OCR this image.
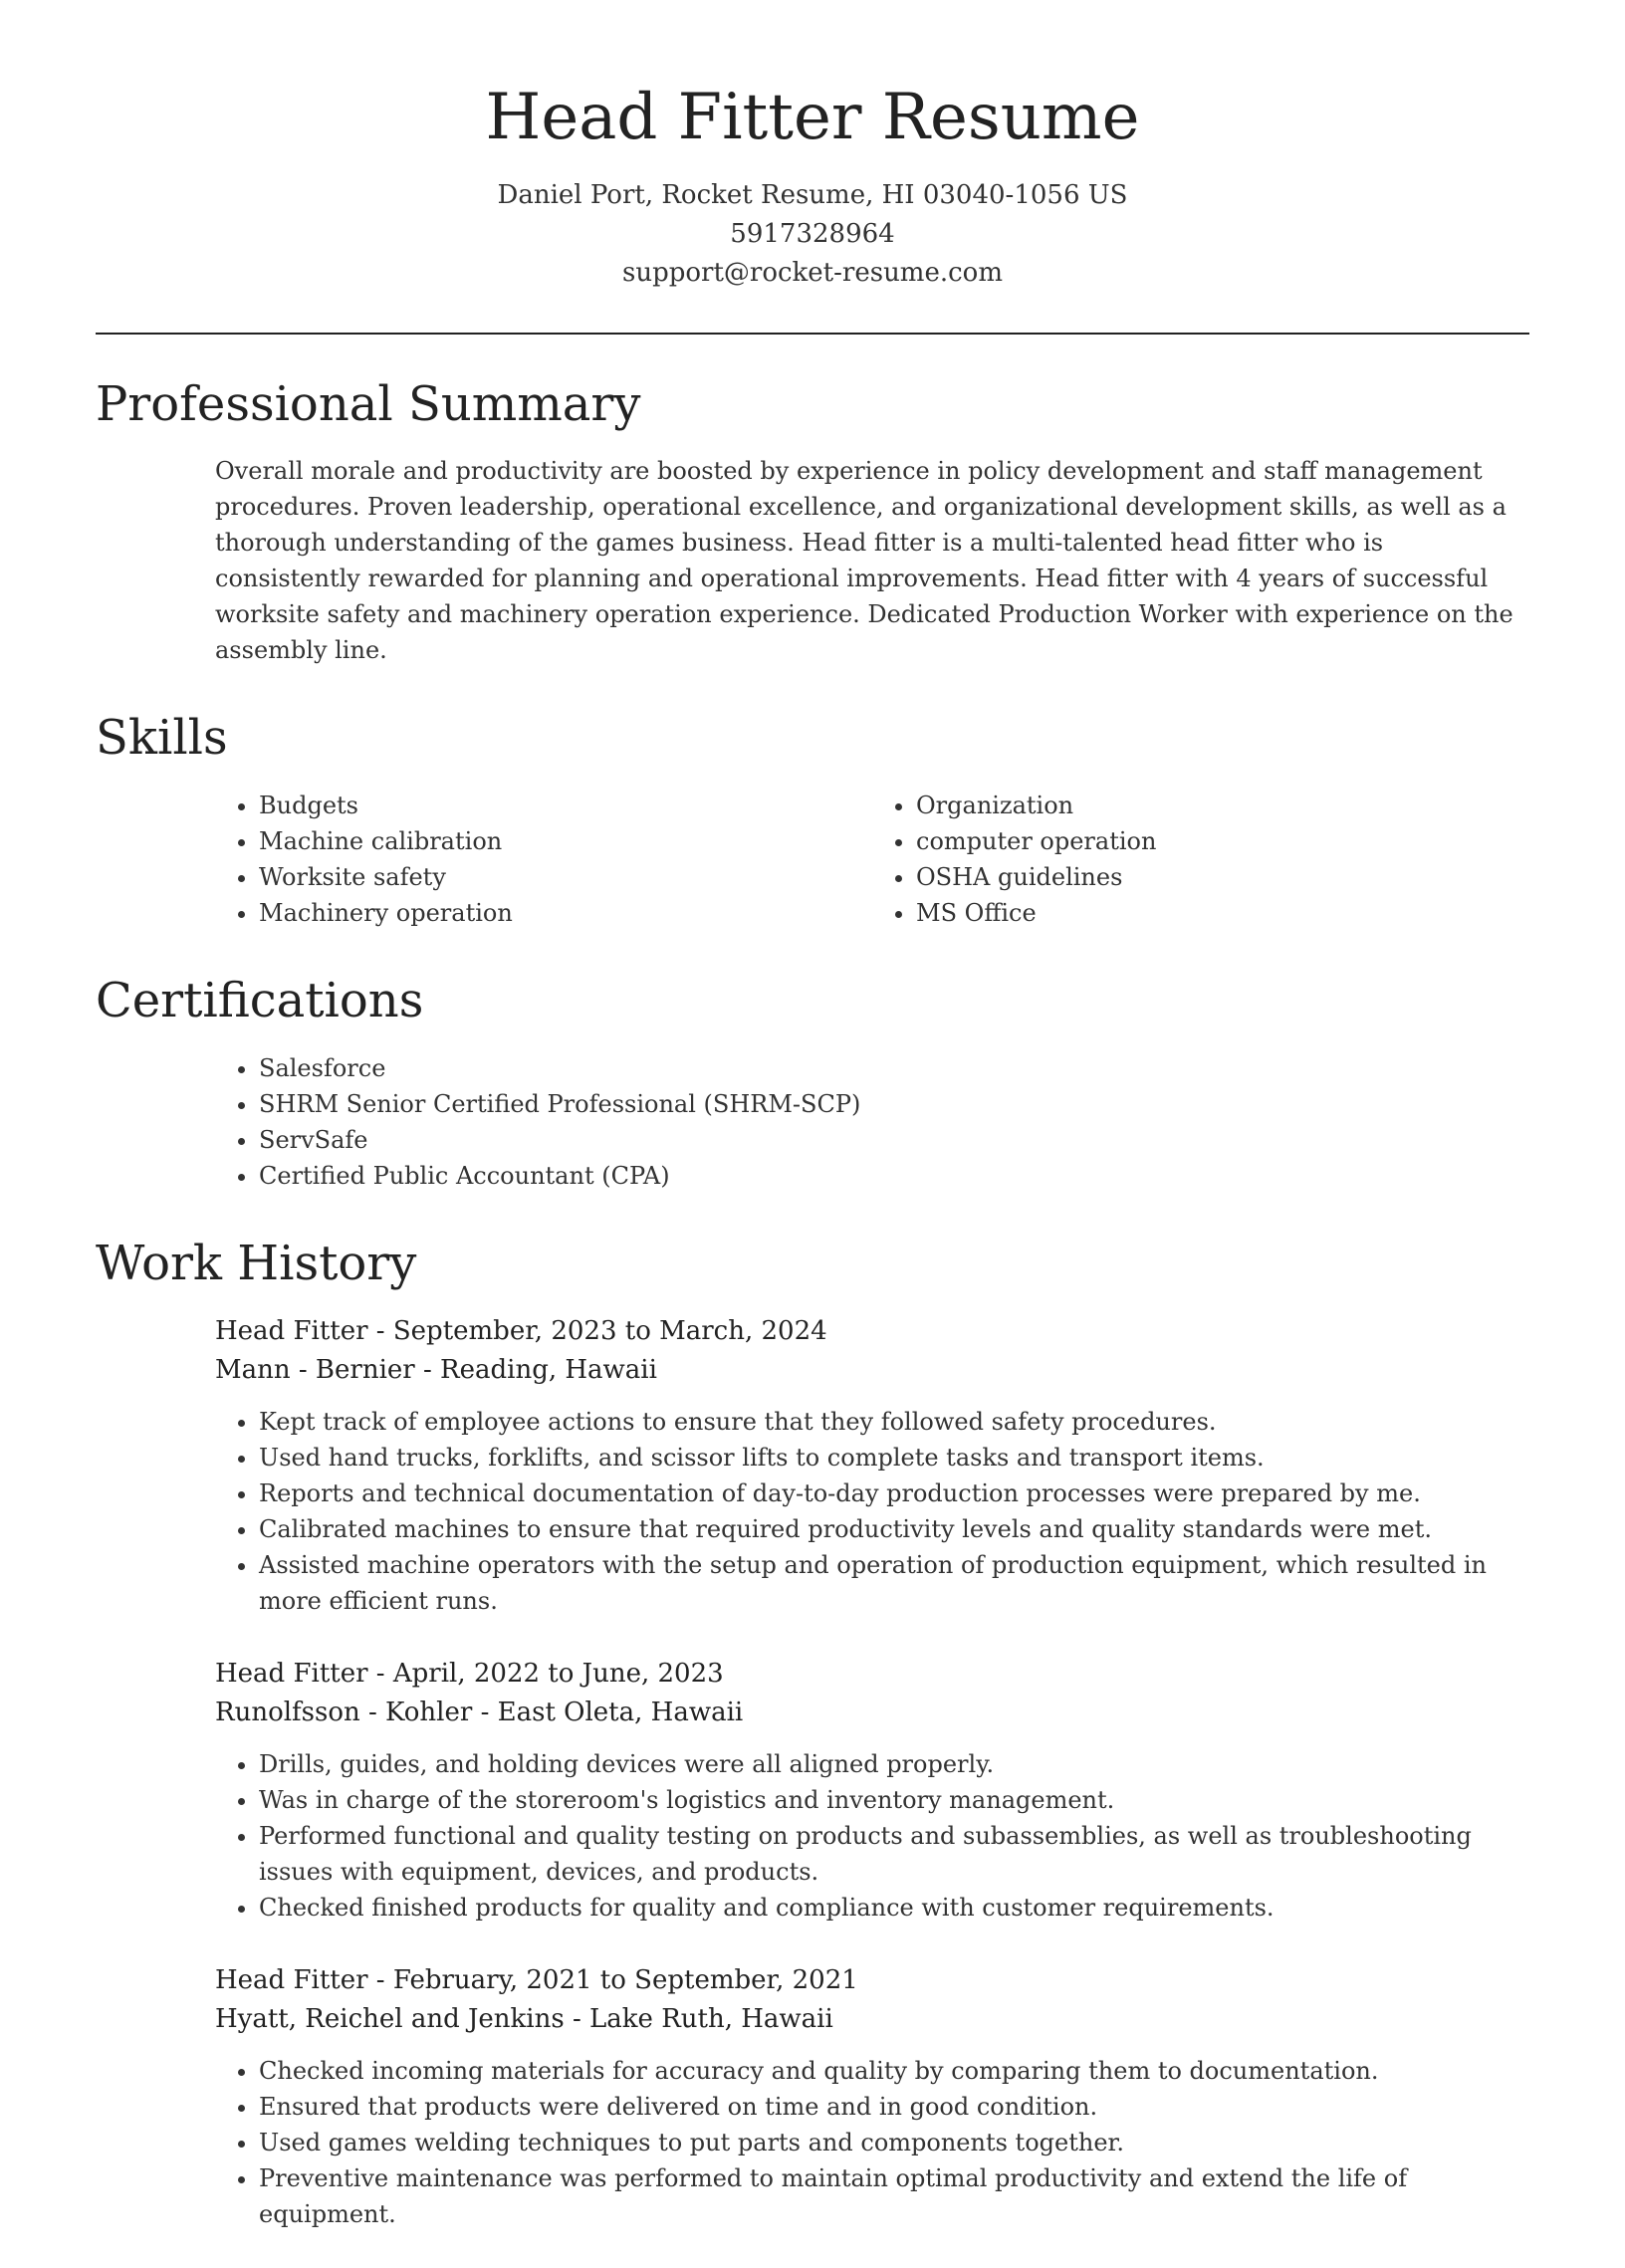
Head Fitter Resume
Daniel Port, Rocket Resume, HI 03040-1056 US
5917328964
support@rocket-resume.com
Professional Summary

Overall morale and productivity are boosted by experience in policy development and staff management procedures. Proven leadership, operational excellence, and organizational development skills, as well as a thorough understanding of the games business. Head fitter is a multi-talented head fitter who is consistently rewarded for planning and operational improvements. Head fitter with 4 years of successful worksite safety and machinery operation experience. Dedicated Production Worker with experience on the assembly line.

Skills
• Budgets
• Machine calibration
• Worksite safety
• Machinery operation
• Organization
• computer operation
• OSHA guidelines
• MS Office
Certifications
• Salesforce
• SHRM Senior Certified Professional (SHRM-SCP)
• ServSafe
• Certified Public Accountant (CPA)
Work History
Head Fitter - September, 2023 to March, 2024
Mann - Bernier - Reading, Hawaii
• Kept track of employee actions to ensure that they followed safety procedures.
• Used hand trucks, forklifts, and scissor lifts to complete tasks and transport items.
• Reports and technical documentation of day-to-day production processes were prepared by me.
• Calibrated machines to ensure that required productivity levels and quality standards were met.
• Assisted machine operators with the setup and operation of production equipment, which resulted in more efficient runs.
Head Fitter - April, 2022 to June, 2023
Runolfsson - Kohler - East Oleta, Hawaii
• Drills, guides, and holding devices were all aligned properly.
• Was in charge of the storeroom's logistics and inventory management.
• Performed functional and quality testing on products and subassemblies, as well as troubleshooting issues with equipment, devices, and products.
• Checked finished products for quality and compliance with customer requirements.
Head Fitter - February, 2021 to September, 2021
Hyatt, Reichel and Jenkins - Lake Ruth, Hawaii
• Checked incoming materials for accuracy and quality by comparing them to documentation.
• Ensured that products were delivered on time and in good condition.
• Used games welding techniques to put parts and components together.
• Preventive maintenance was performed to maintain optimal productivity and extend the life of equipment.
